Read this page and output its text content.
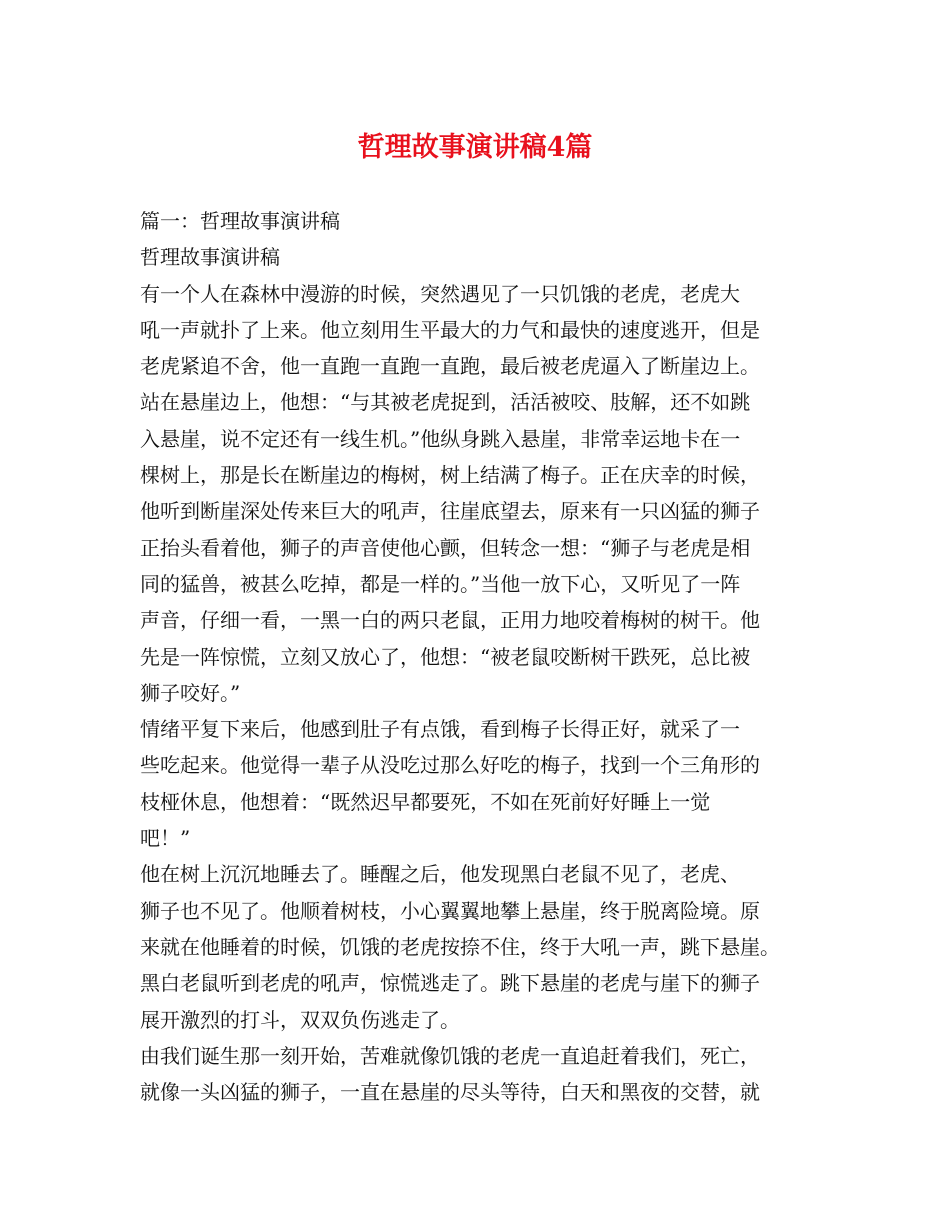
哲理故事演讲稿4篇
篇一：哲理故事演讲稿
哲理故事演讲稿
有一个人在森林中漫游的时候，突然遇见了一只饥饿的老虎，老虎大
吼一声就扑了上来。他立刻用生平最大的力气和最快的速度逃开，但是
老虎紧追不舍，他一直跑一直跑一直跑，最后被老虎逼入了断崖边上。
站在悬崖边上，他想：“与其被老虎捉到，活活被咬、肢解，还不如跳
入悬崖，说不定还有一线生机。”他纵身跳入悬崖，非常幸运地卡在一
棵树上，那是长在断崖边的梅树，树上结满了梅子。正在庆幸的时候，
他听到断崖深处传来巨大的吼声，往崖底望去，原来有一只凶猛的狮子
正抬头看着他，狮子的声音使他心颤，但转念一想：“狮子与老虎是相
同的猛兽，被甚么吃掉，都是一样的。”当他一放下心，又听见了一阵
声音，仔细一看，一黑一白的两只老鼠，正用力地咬着梅树的树干。他
先是一阵惊慌，立刻又放心了，他想：“被老鼠咬断树干跌死，总比被
狮子咬好。”
情绪平复下来后，他感到肚子有点饿，看到梅子长得正好，就采了一
些吃起来。他觉得一辈子从没吃过那么好吃的梅子，找到一个三角形的
枝桠休息，他想着：“既然迟早都要死，不如在死前好好睡上一觉
吧！”
他在树上沉沉地睡去了。睡醒之后，他发现黑白老鼠不见了，老虎、
狮子也不见了。他顺着树枝，小心翼翼地攀上悬崖，终于脱离险境。原
来就在他睡着的时候，饥饿的老虎按捺不住，终于大吼一声，跳下悬崖。
黑白老鼠听到老虎的吼声，惊慌逃走了。跳下悬崖的老虎与崖下的狮子
展开激烈的打斗，双双负伤逃走了。
由我们诞生那一刻开始，苦难就像饥饿的老虎一直追赶着我们，死亡，
就像一头凶猛的狮子，一直在悬崖的尽头等待，白天和黑夜的交替，就
